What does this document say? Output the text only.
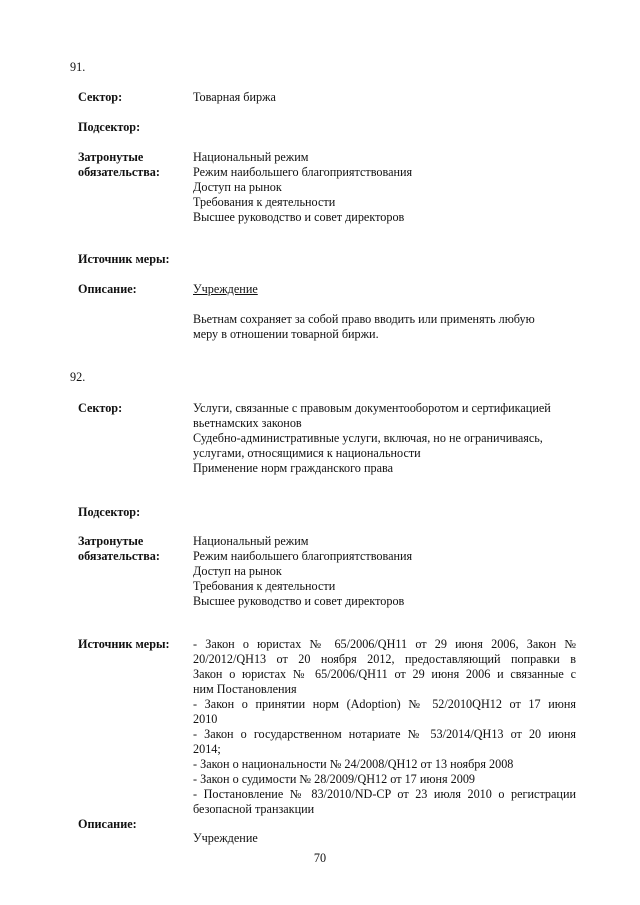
91.
Сектор:	Товарная биржа
Подсектор:
Затронутые
обязательства:
Национальный режим
Режим наибольшего благоприятствования
Доступ на рынок
Требования к деятельности
Высшее руководство и совет директоров
Источник меры:
Описание:	Учреждение
Вьетнам сохраняет за собой право вводить или применять любую
меру в отношении товарной биржи.
92.
Сектор:	Услуги, связанные с правовым документооборотом и сертификацией
вьетнамских законов
Судебно-административные услуги, включая, но не ограничиваясь,
услугами, относящимися к национальности
Применение норм гражданского права
Подсектор:
Затронутые
обязательства:
Национальный режим
Режим наибольшего благоприятствования
Доступ на рынок
Требования к деятельности
Высшее руководство и совет директоров
Источник меры: - Закон о юристах № 65/2006/QH11 от 29 июня 2006, Закон №
20/2012/QH13 от 20 ноября 2012, предоставляющий поправки в
Закон о юристах № 65/2006/QH11 от 29 июня 2006 и связанные с
ним Постановления
- Закон о принятии норм (Adoption) № 52/2010QH12 от 17 июня
2010
- Закон о государственном нотариате № 53/2014/QH13 от 20 июня
2014;
- Закон о национальности № 24/2008/QH12 от 13 ноября 2008
- Закон о судимости № 28/2009/QH12 от 17 июня 2009
- Постановление № 83/2010/ND-CP от 23 июля 2010 о регистрации
безопасной транзакции
Описание:
Учреждение
70
